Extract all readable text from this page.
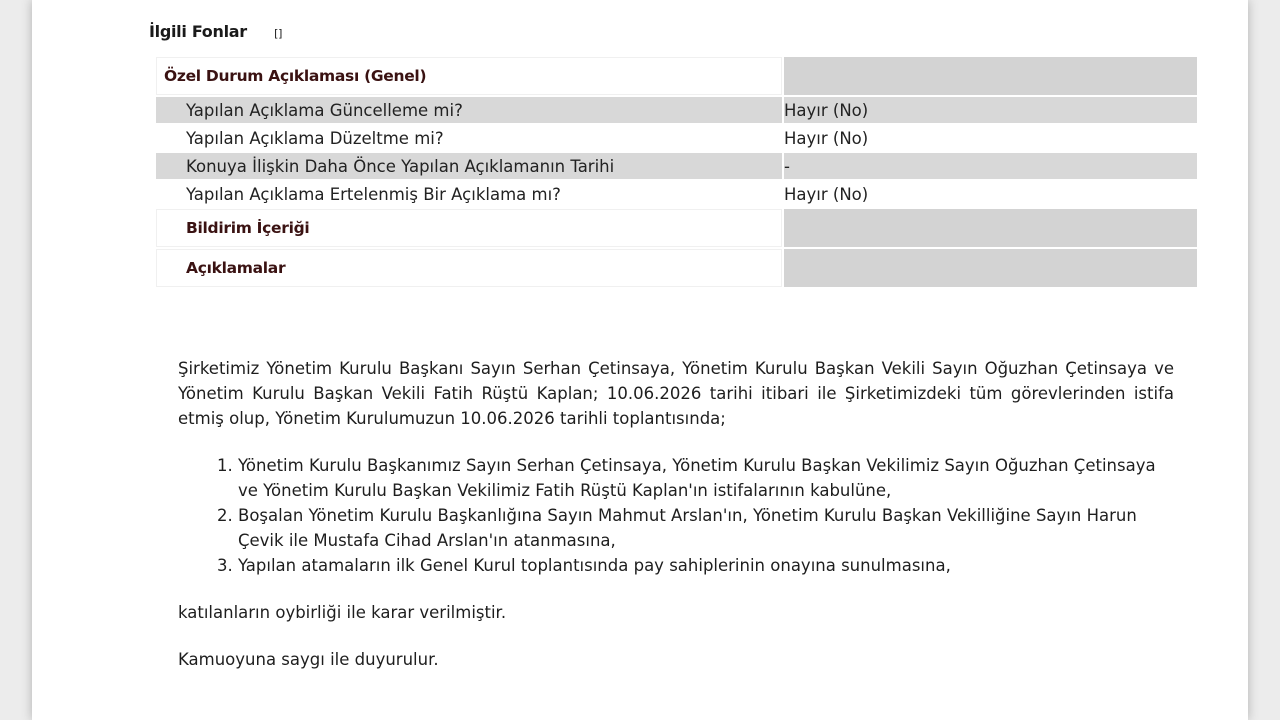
İlgili Fonlar []
Özel Durum Açıklaması (Genel)	
Yapılan Açıklama Güncelleme mi?	Hayır (No)
Yapılan Açıklama Düzeltme mi?	Hayır (No)
Konuya İlişkin Daha Önce Yapılan Açıklamanın Tarihi	-
Yapılan Açıklama Ertelenmiş Bir Açıklama mı?	Hayır (No)
Bildirim İçeriği	
Açıklamalar	

Şirketimiz Yönetim Kurulu Başkanı Sayın Serhan Çetinsaya, Yönetim Kurulu Başkan Vekili Sayın Oğuzhan Çetinsaya ve Yönetim Kurulu Başkan Vekili Fatih Rüştü Kaplan; 10.06.2026 tarihi itibari ile Şirketimizdeki tüm görevlerinden istifa etmiş olup, Yönetim Kurulumuzun 10.06.2026 tarihli toplantısında;

1. Yönetim Kurulu Başkanımız Sayın Serhan Çetinsaya, Yönetim Kurulu Başkan Vekilimiz Sayın Oğuzhan Çetinsaya ve Yönetim Kurulu Başkan Vekilimiz Fatih Rüştü Kaplan'ın istifalarının kabulüne,
2. Boşalan Yönetim Kurulu Başkanlığına Sayın Mahmut Arslan'ın, Yönetim Kurulu Başkan Vekilliğine Sayın Harun Çevik ile Mustafa Cihad Arslan'ın atanmasına,
3. Yapılan atamaların ilk Genel Kurul toplantısında pay sahiplerinin onayına sunulmasına,

katılanların oybirliği ile karar verilmiştir.

Kamuoyuna saygı ile duyurulur.
